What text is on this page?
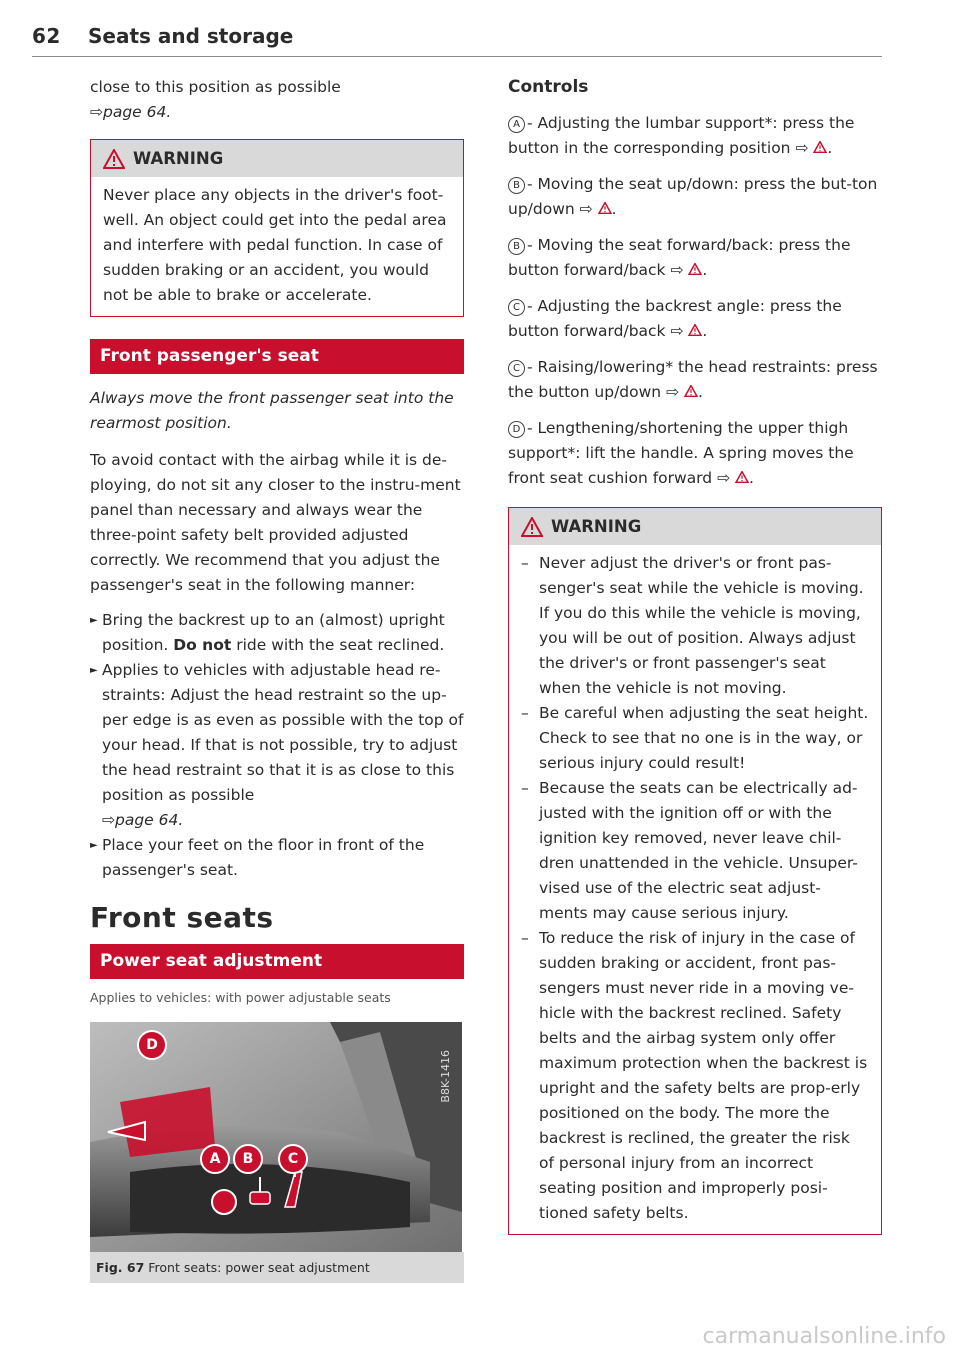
62 Seats and storage

close to this position as possible
⇨page 64.

WARNING
Never place any objects in the driver's foot-well. An object could get into the pedal area and interfere with pedal function. In case of sudden braking or an accident, you would not be able to brake or accelerate.
Front passenger's seat

Always move the front passenger seat into the rearmost position.

To avoid contact with the airbag while it is de-ploying, do not sit any closer to the instru-ment panel than necessary and always wear the three-point safety belt provided adjusted correctly. We recommend that you adjust the passenger's seat in the following manner:

► Bring the backrest up to an (almost) upright position. Do not ride with the seat reclined.
► Applies to vehicles with adjustable head re-straints: Adjust the head restraint so the up-per edge is as even as possible with the top of your head. If that is not possible, try to adjust the head restraint so that it is as close to this position as possible
⇨page 64.
► Place your feet on the floor in front of the passenger's seat.
Front seats
Power seat adjustment
Applies to vehicles: with power adjustable seats
D
A	B	C
B8K-1416
Fig. 67 Front seats: power seat adjustment
Controls

A - Adjusting the lumbar support*: press the button in the corresponding position ⇨ .

B - Moving the seat up/down: press the but-ton up/down ⇨ .

B - Moving the seat forward/back: press the button forward/back ⇨ .

C - Adjusting the backrest angle: press the button forward/back ⇨ .

C - Raising/lowering* the head restraints: press the button up/down ⇨ .

D - Lengthening/shortening the upper thigh support*: lift the handle. A spring moves the front seat cushion forward ⇨ .

WARNING
– Never adjust the driver's or front pas-senger's seat while the vehicle is moving. If you do this while the vehicle is moving, you will be out of position. Always adjust the driver's or front passenger's seat when the vehicle is not moving.
– Be careful when adjusting the seat height. Check to see that no one is in the way, or serious injury could result!
– Because the seats can be electrically ad-justed with the ignition off or with the ignition key removed, never leave chil-dren unattended in the vehicle. Unsuper-vised use of the electric seat adjust-ments may cause serious injury.
– To reduce the risk of injury in the case of sudden braking or accident, front pas-sengers must never ride in a moving ve-hicle with the backrest reclined. Safety belts and the airbag system only offer maximum protection when the backrest is upright and the safety belts are prop-erly positioned on the body. The more the backrest is reclined, the greater the risk of personal injury from an incorrect seating position and improperly posi-tioned safety belts.
carmanualsonline.info
